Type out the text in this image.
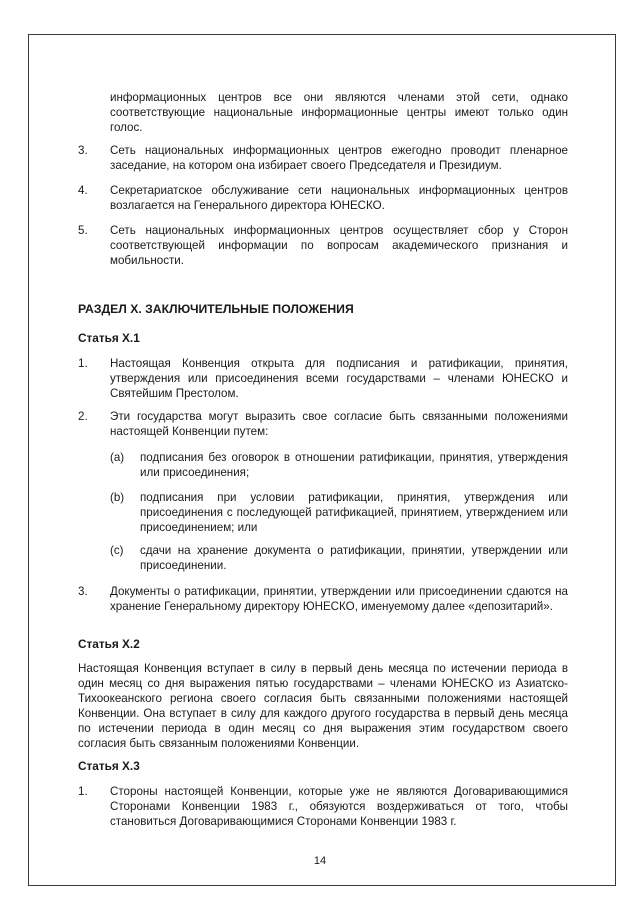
информационных центров все они являются членами этой сети, однако соответствующие национальные информационные центры имеют только один голос.
3. Сеть национальных информационных центров ежегодно проводит пленарное заседание, на котором она избирает своего Председателя и Президиум.
4. Секретариатское обслуживание сети национальных информационных центров возлагается на Генерального директора ЮНЕСКО.
5. Сеть национальных информационных центров осуществляет сбор у Сторон соответствующей информации по вопросам академического признания и мобильности.
РАЗДЕЛ X. ЗАКЛЮЧИТЕЛЬНЫЕ ПОЛОЖЕНИЯ
Статья X.1
1. Настоящая Конвенция открыта для подписания и ратификации, принятия, утверждения или присоединения всеми государствами – членами ЮНЕСКО и Святейшим Престолом.
2. Эти государства могут выразить свое согласие быть связанными положениями настоящей Конвенции путем:
(a) подписания без оговорок в отношении ратификации, принятия, утверждения или присоединения;
(b) подписания при условии ратификации, принятия, утверждения или присоединения с последующей ратификацией, принятием, утверждением или присоединением; или
(c) сдачи на хранение документа о ратификации, принятии, утверждении или присоединении.
3. Документы о ратификации, принятии, утверждении или присоединении сдаются на хранение Генеральному директору ЮНЕСКО, именуемому далее «депозитарий».
Статья X.2
Настоящая Конвенция вступает в силу в первый день месяца по истечении периода в один месяц со дня выражения пятью государствами – членами ЮНЕСКО из Азиатско-Тихоокеанского региона своего согласия быть связанными положениями настоящей Конвенции. Она вступает в силу для каждого другого государства в первый день месяца по истечении периода в один месяц со дня выражения этим государством своего согласия быть связанным положениями Конвенции.
Статья X.3
1. Стороны настоящей Конвенции, которые уже не являются Договаривающимися Сторонами Конвенции 1983 г., обязуются воздерживаться от того, чтобы становиться Договаривающимися Сторонами Конвенции 1983 г.
14
